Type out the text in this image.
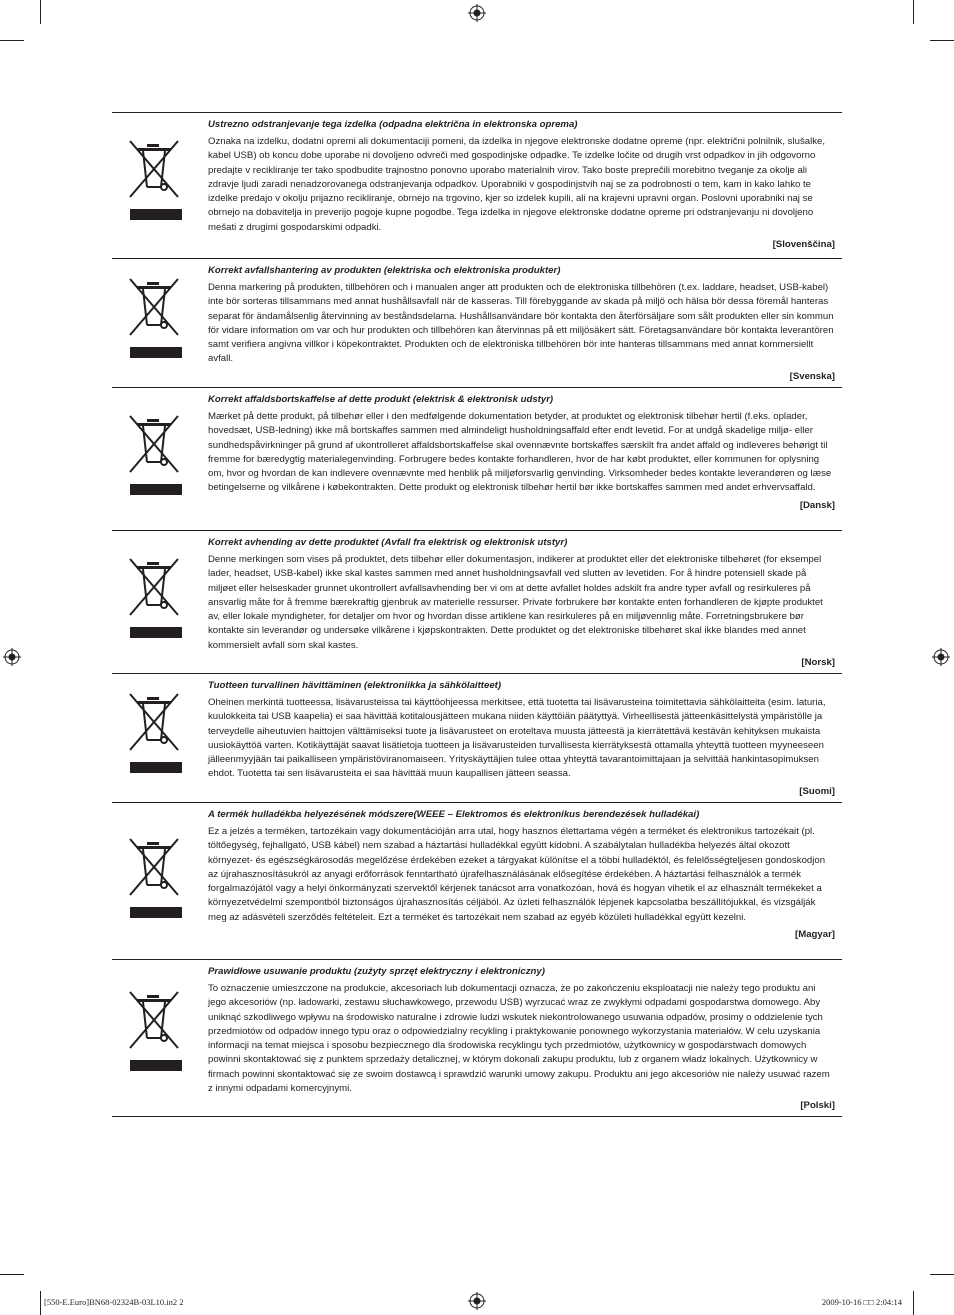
Ustrezno odstranjevanje tega izdelka (odpadna električna in elektronska oprema)

Oznaka na izdelku, dodatni opremi ali dokumentaciji pomeni, da izdelka in njegove elektronske dodatne opreme (npr. električni polnilnik, slušalke, kabel USB) ob koncu dobe uporabe ni dovoljeno odvreči med gospodinjske odpadke. Te izdelke ločite od drugih vrst odpadkov in jih odgovorno predajte v recikliranje ter tako spodbudite trajnostno ponovno uporabo materialnih virov. Tako boste preprečili morebitno tveganje za okolje ali zdravje ljudi zaradi nenadzorovanega odstranjevanja odpadkov. Uporabniki v gospodinjstvih naj se za podrobnosti o tem, kam in kako lahko te izdelke predajo v okolju prijazno recikliranje, obrnejo na trgovino, kjer so izdelek kupili, ali na krajevni upravni organ. Poslovni uporabniki naj se obrnejo na dobavitelja in preverijo pogoje kupne pogodbe. Tega izdelka in njegove elektronske dodatne opreme pri odstranjevanju ni dovoljeno mešati z drugimi gospodarskimi odpadki.

[Slovenščina]

Korrekt avfallshantering av produkten (elektriska och elektroniska produkter)

Denna markering på produkten, tillbehören och i manualen anger att produkten och de elektroniska tillbehören (t.ex. laddare, headset, USB-kabel) inte bör sorteras tillsammans med annat hushållsavfall när de kasseras. Till förebyggande av skada på miljö och hälsa bör dessa föremål hanteras separat för ändamålsenlig återvinning av beståndsdelarna. Hushållsanvändare bör kontakta den återförsäljare som sålt produkten eller sin kommun för vidare information om var och hur produkten och tillbehören kan återvinnas på ett miljösäkert sätt. Företagsanvändare bör kontakta leverantören samt verifiera angivna villkor i köpekontraktet. Produkten och de elektroniska tillbehören bör inte hanteras tillsammans med annat kommersiellt avfall.

[Svenska]

Korrekt affaldsbortskaffelse af dette produkt (elektrisk & elektronisk udstyr)

Mærket på dette produkt, på tilbehør eller i den medfølgende dokumentation betyder, at produktet og elektronisk tilbehør hertil (f.eks. oplader, hovedsæt, USB-ledning) ikke må bortskaffes sammen med almindeligt husholdningsaffald efter endt levetid. For at undgå skadelige miljø- eller sundhedspåvirkninger på grund af ukontrolleret affaldsbortskaffelse skal ovennævnte bortskaffes særskilt fra andet affald og indleveres behørigt til fremme for bæredygtig materialegenvinding. Forbrugere bedes kontakte forhandleren, hvor de har købt produktet, eller kommunen for oplysning om, hvor og hvordan de kan indlevere ovennævnte med henblik på miljøforsvarlig genvinding. Virksomheder bedes kontakte leverandøren og læse betingelserne og vilkårene i købekontrakten. Dette produkt og elektronisk tilbehør hertil bør ikke bortskaffes sammen med andet erhvervsaffald.

[Dansk]

Korrekt avhending av dette produktet (Avfall fra elektrisk og elektronisk utstyr)

Denne merkingen som vises på produktet, dets tilbehør eller dokumentasjon, indikerer at produktet eller det elektroniske tilbehøret (for eksempel lader, headset, USB-kabel) ikke skal kastes sammen med annet husholdningsavfall ved slutten av levetiden. For å hindre potensiell skade på miljøet eller helseskader grunnet ukontrollert avfallsavhending ber vi om at dette avfallet holdes adskilt fra andre typer avfall og resirkuleres på ansvarlig måte for å fremme bærekraftig gjenbruk av materielle ressurser. Private forbrukere bør kontakte enten forhandleren de kjøpte produktet av, eller lokale myndigheter, for detaljer om hvor og hvordan disse artiklene kan resirkuleres på en miljøvennlig måte. Forretningsbrukere bør kontakte sin leverandør og undersøke vilkårene i kjøpskontrakten. Dette produktet og det elektroniske tilbehøret skal ikke blandes med annet kommersielt avfall som skal kastes.

[Norsk]

Tuotteen turvallinen hävittäminen (elektroniikka ja sähkölaitteet)

Oheinen merkintä tuotteessa, lisävarusteissa tai käyttöohjeessa merkitsee, että tuotetta tai lisävarusteina toimitettavia sähkölaitteita (esim. laturia, kuulokkeita tai USB kaapelia) ei saa hävittää kotitalousjätteen mukana niiden käyttöiän päätyttyä. Virheellisestä jätteenkäsittelystä ympäristölle ja terveydelle aiheutuvien haittojen välttämiseksi tuote ja lisävarusteet on eroteltava muusta jätteestä ja kierrätettävä kestävän kehityksen mukaista uusiokäyttöä varten. Kotikäyttäjät saavat lisätietoja tuotteen ja lisävarusteiden turvallisesta kierrätyksestä ottamalla yhteyttä tuotteen myyneeseen jälleenmyyjään tai paikalliseen ympäristöviranomaiseen. Yrityskäyttäjien tulee ottaa yhteyttä tavarantoimittajaan ja selvittää hankintasopimuksen ehdot. Tuotetta tai sen lisävarusteita ei saa hävittää muun kaupallisen jätteen seassa.

[Suomi]

A termék hulladékba helyezésének módszere(WEEE – Elektromos és elektronikus berendezések hulladékai)

Ez a jelzés a terméken, tartozékain vagy dokumentációján arra utal, hogy hasznos élettartama végén a terméket és elektronikus tartozékait (pl. töltőegység, fejhallgató, USB kábel) nem szabad a háztartási hulladékkal együtt kidobni. A szabálytalan hulladékba helyezés által okozott környezet- és egészségkárosodás megelőzése érdekében ezeket a tárgyakat különítse el a többi hulladéktól, és felelősségteljesen gondoskodjon az újrahasznosításukról az anyagi erőforrások fenntartható újrafelhasználásának elősegítése érdekében. A háztartási felhasználók a termék forgalmazójától vagy a helyi önkormányzati szervektől kérjenek tanácsot arra vonatkozóan, hová és hogyan vihetik el az elhasznált termékeket a környezetvédelmi szempontból biztonságos újrahasznosítás céljából. Az üzleti felhasználók lépjenek kapcsolatba beszállítójukkal, és vizsgálják meg az adásvételi szerződés feltételeit. Ezt a terméket és tartozékait nem szabad az egyéb közületi hulladékkal együtt kezelni.

[Magyar]

Prawidłowe usuwanie produktu (zużyty sprzęt elektryczny i elektroniczny)

To oznaczenie umieszczone na produkcie, akcesoriach lub dokumentacji oznacza, że po zakończeniu eksploatacji nie należy tego produktu ani jego akcesoriów (np. ładowarki, zestawu słuchawkowego, przewodu USB) wyrzucać wraz ze zwykłymi odpadami gospodarstwa domowego. Aby uniknąć szkodliwego wpływu na środowisko naturalne i zdrowie ludzi wskutek niekontrolowanego usuwania odpadów, prosimy o oddzielenie tych przedmiotów od odpadów innego typu oraz o odpowiedzialny recykling i praktykowanie ponownego wykorzystania materiałów. W celu uzyskania informacji na temat miejsca i sposobu bezpiecznego dla środowiska recyklingu tych przedmiotów, użytkownicy w gospodarstwach domowych powinni skontaktować się z punktem sprzedaży detalicznej, w którym dokonali zakupu produktu, lub z organem władz lokalnych. Użytkownicy w firmach powinni skontaktować się ze swoim dostawcą i sprawdzić warunki umowy zakupu. Produktu ani jego akcesoriów nie należy usuwać razem z innymi odpadami komercyjnymi.

[Polski]
[550-E.Euro]BN68-02324B-03L10.in2 2	2009-10-16 □□ 2:04:14
